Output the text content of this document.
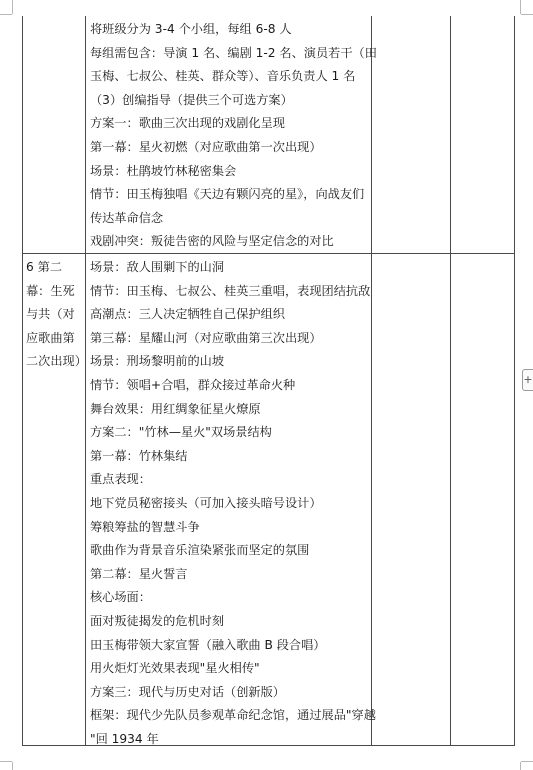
将班级分为 3-4 个小组，每组 6-8 人
每组需包含：导演 1 名、编剧 1-2 名、演员若干（田
玉梅、七叔公、桂英、群众等）、音乐负责人 1 名
（3）创编指导（提供三个可选方案）
方案一：歌曲三次出现的戏剧化呈现
第一幕：星火初燃（对应歌曲第一次出现）
场景：杜鹃坡竹林秘密集会
情节：田玉梅独唱《天边有颗闪亮的星》，向战友们
传达革命信念
戏剧冲突：叛徒告密的风险与坚定信念的对比
6 第二幕：生死与共（对应歌曲第二次出现）
场景：敌人围剿下的山洞
情节：田玉梅、七叔公、桂英三重唱，表现团结抗敌
高潮点：三人决定牺牲自己保护组织
第三幕：星耀山河（对应歌曲第三次出现）
场景：刑场黎明前的山坡
情节：领唱+合唱，群众接过革命火种
舞台效果：用红绸象征星火燎原
方案二："竹林—星火"双场景结构
第一幕：竹林集结
重点表现：
地下党员秘密接头（可加入接头暗号设计）
筹粮筹盐的智慧斗争
歌曲作为背景音乐渲染紧张而坚定的氛围
第二幕：星火誓言
核心场面：
面对叛徒揭发的危机时刻
田玉梅带领大家宣誓（融入歌曲 B 段合唱）
用火炬灯光效果表现"星火相传"
方案三：现代与历史对话（创新版）
框架：现代少先队员参观革命纪念馆，通过展品"穿越
"回 1934 年
+
